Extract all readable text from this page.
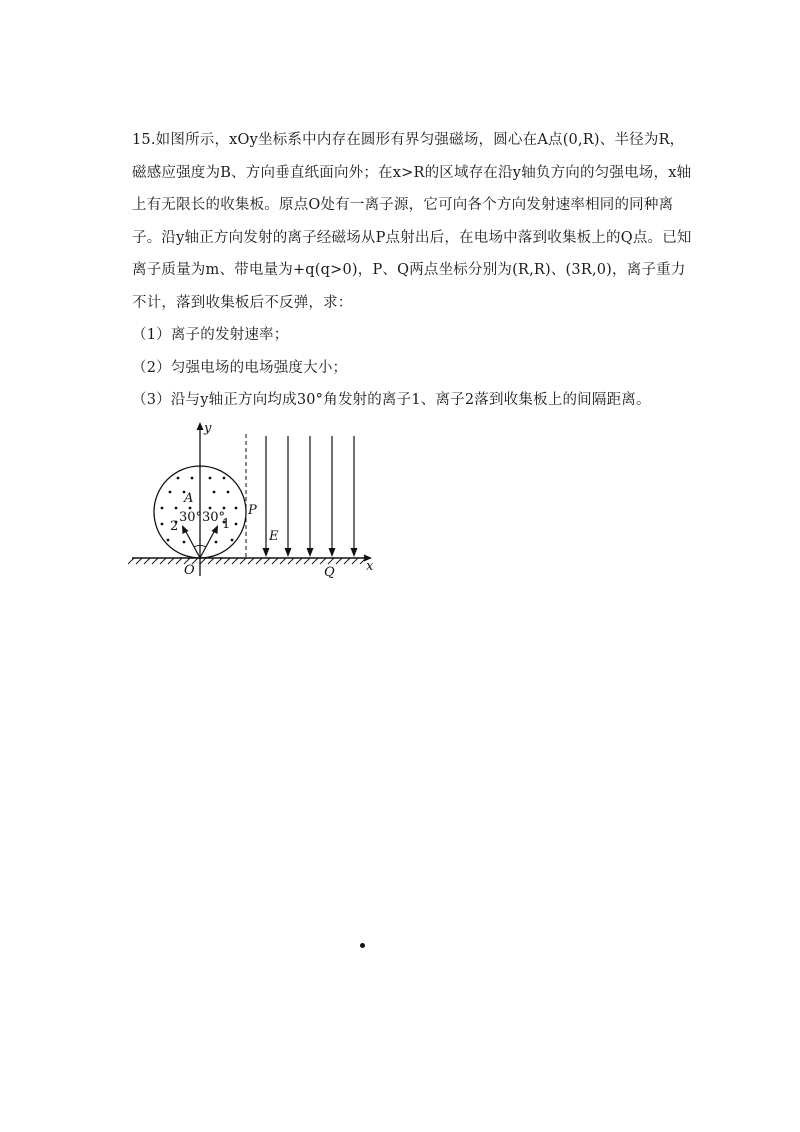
15.如图所示，xOy坐标系中内存在圆形有界匀强磁场，圆心在A点(0,R)、半径为R，磁感应强度为B、方向垂直纸面向外；在x>R的区域存在沿y轴负方向的匀强电场，x轴上有无限长的收集板。原点O处有一离子源，它可向各个方向发射速率相同的同种离子。沿y轴正方向发射的离子经磁场从P点射出后，在电场中落到收集板上的Q点。已知离子质量为m、带电量为+q(q>0)，P、Q两点坐标分别为(R,R)、(3R,0)，离子重力不计，落到收集板后不反弹，求：

（1）离子的发射速率；

（2）匀强电场的电场强度大小；

（3）沿与y轴正方向均成30°角发射的离子1、离子2落到收集板上的间隔距离。

y
x
O
A
P
Q
E
2	1
30° 30°
